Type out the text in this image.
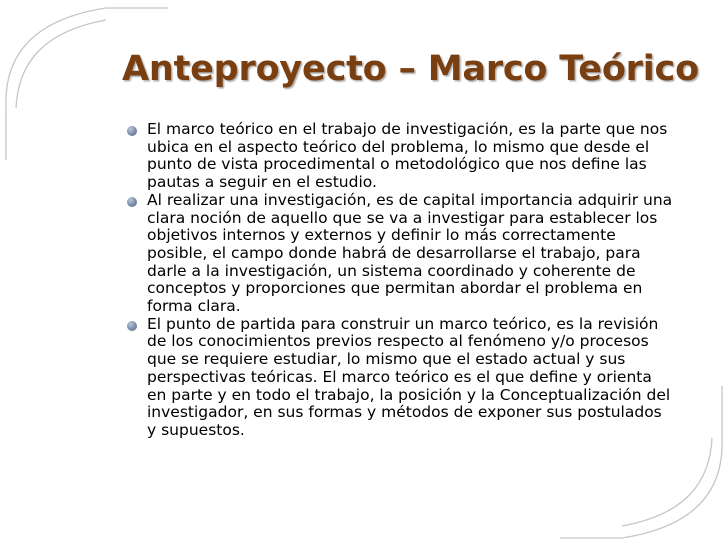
Anteproyecto – Marco Teórico
El marco teórico en el trabajo de investigación, es la parte que nos
ubica en el aspecto teórico del problema, lo mismo que desde el
punto de vista procedimental o metodológico que nos define las
pautas a seguir en el estudio.
Al realizar una investigación, es de capital importancia adquirir una
clara noción de aquello que se va a investigar para establecer los
objetivos internos y externos y definir lo más correctamente
posible, el campo donde habrá de desarrollarse el trabajo, para
darle a la investigación, un sistema coordinado y coherente de
conceptos y proporciones que permitan abordar el problema en
forma clara.
El punto de partida para construir un marco teórico, es la revisión
de los conocimientos previos respecto al fenómeno y/o procesos
que se requiere estudiar, lo mismo que el estado actual y sus
perspectivas teóricas. El marco teórico es el que define y orienta
en parte y en todo el trabajo, la posición y la Conceptualización del
investigador, en sus formas y métodos de exponer sus postulados
y supuestos.
